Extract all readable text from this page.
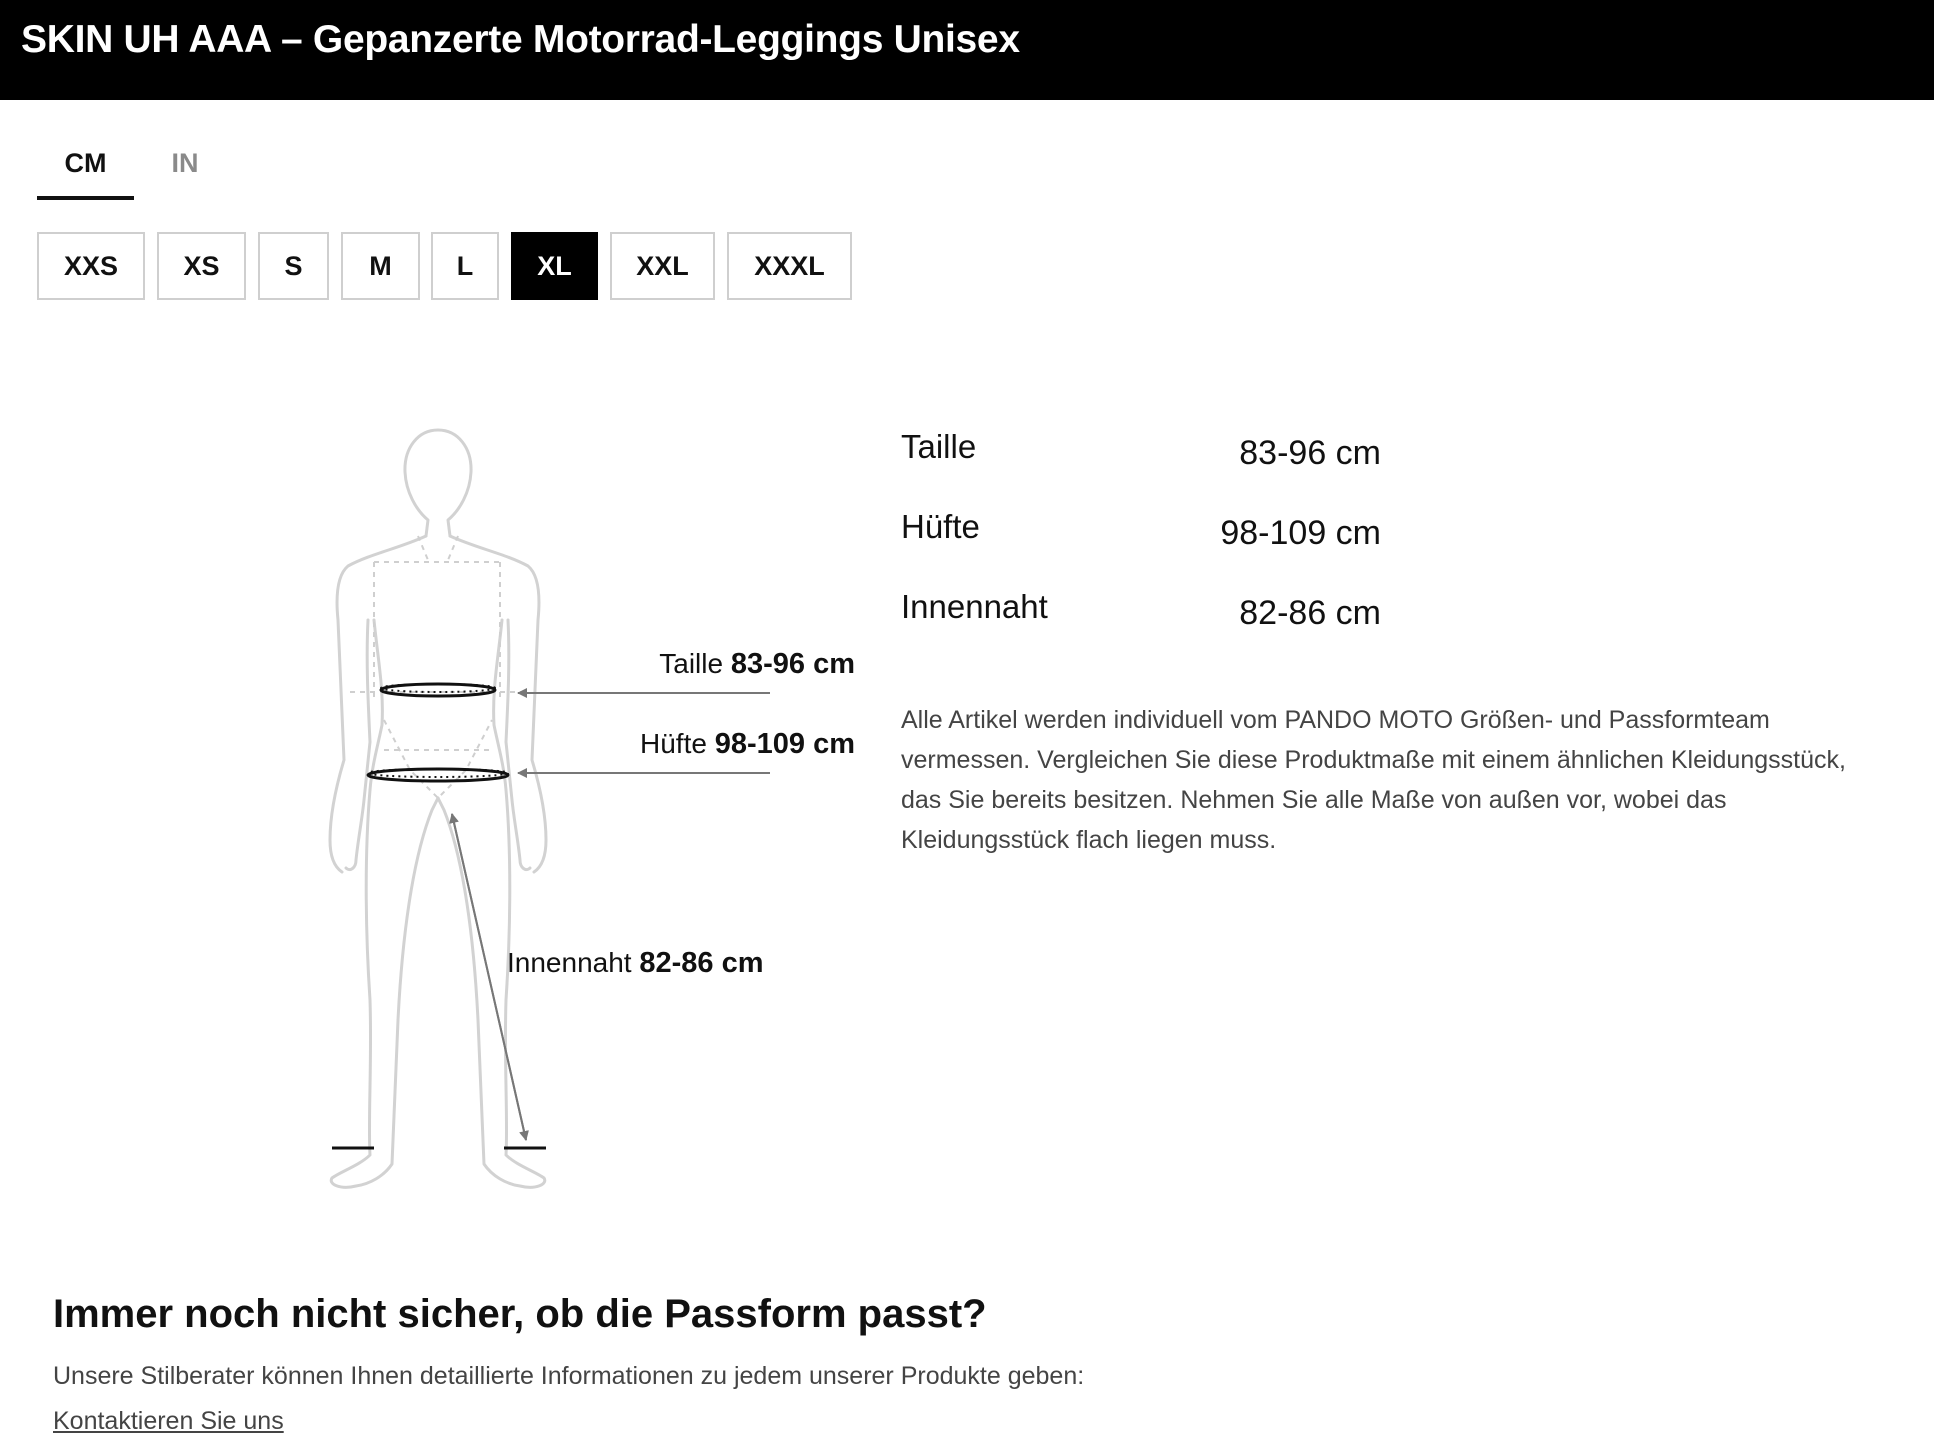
SKIN UH AAA – Gepanzerte Motorrad-Leggings Unisex
CM	IN
XXS	XS	S	M	L	XL	XXL	XXXL
Taille 83-96 cm
Hüfte 98-109 cm
Innennaht 82-86 cm
Taille	83-96 cm
Hüfte	98-109 cm
Innennaht	82-86 cm

Alle Artikel werden individuell vom PANDO MOTO Größen- und Passformteam vermessen. Vergleichen Sie diese Produktmaße mit einem ähnlichen Kleidungsstück, das Sie bereits besitzen. Nehmen Sie alle Maße von außen vor, wobei das Kleidungsstück flach liegen muss.

Immer noch nicht sicher, ob die Passform passt?

Unsere Stilberater können Ihnen detaillierte Informationen zu jedem unserer Produkte geben:

Kontaktieren Sie uns
